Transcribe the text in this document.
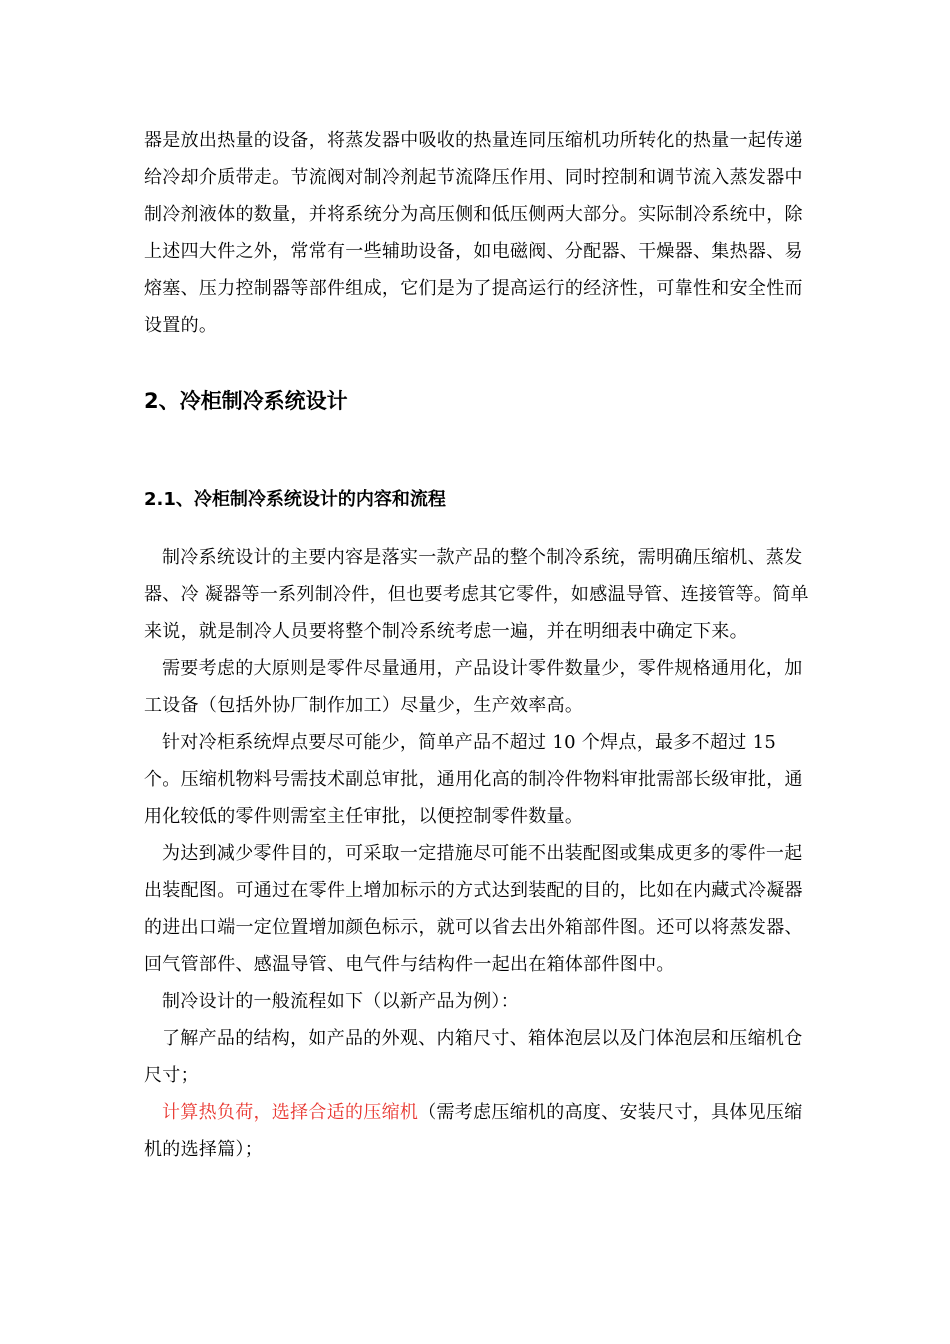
器是放出热量的设备，将蒸发器中吸收的热量连同压缩机功所转化的热量一起传递给冷却介质带走。节流阀对制冷剂起节流降压作用、同时控制和调节流入蒸发器中制冷剂液体的数量，并将系统分为高压侧和低压侧两大部分。实际制冷系统中，除上述四大件之外，常常有一些辅助设备，如电磁阀、分配器、干燥器、集热器、易熔塞、压力控制器等部件组成，它们是为了提高运行的经济性，可靠性和安全性而设置的。

2、冷柜制冷系统设计
2.1、冷柜制冷系统设计的内容和流程

制冷系统设计的主要内容是落实一款产品的整个制冷系统，需明确压缩机、蒸发器、冷 凝器等一系列制冷件，但也要考虑其它零件，如感温导管、连接管等。简单来说，就是制冷人员要将整个制冷系统考虑一遍，并在明细表中确定下来。

需要考虑的大原则是零件尽量通用，产品设计零件数量少，零件规格通用化，加工设备（包括外协厂制作加工）尽量少，生产效率高。

针对冷柜系统焊点要尽可能少，简单产品不超过 10 个焊点，最多不超过 15 个。压缩机物料号需技术副总审批，通用化高的制冷件物料审批需部长级审批，通用化较低的零件则需室主任审批，以便控制零件数量。

为达到减少零件目的，可采取一定措施尽可能不出装配图或集成更多的零件一起出装配图。可通过在零件上增加标示的方式达到装配的目的，比如在内藏式冷凝器的进出口端一定位置增加颜色标示，就可以省去出外箱部件图。还可以将蒸发器、回气管部件、感温导管、电气件与结构件一起出在箱体部件图中。

制冷设计的一般流程如下（以新产品为例）：

了解产品的结构，如产品的外观、内箱尺寸、箱体泡层以及门体泡层和压缩机仓尺寸；

计算热负荷，选择合适的压缩机（需考虑压缩机的高度、安装尺寸，具体见压缩机的选择篇）；
